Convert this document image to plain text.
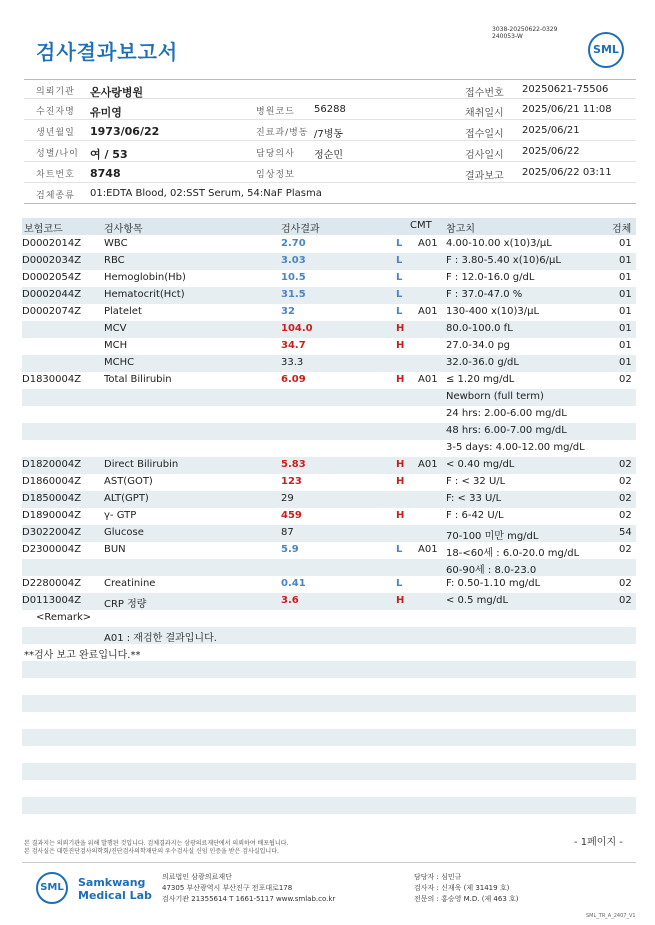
검사결과보고서
3038-20250622-0329
240053-W
SML
의뢰기관 온사랑병원	접수번호 20250621-75506
수진자명 유미영	병원코드 56288	채취일시 2025/06/21 11:08
생년월일 1973/06/22	진료과/병동 /7병동	접수일시 2025/06/21
성별/나이 여 / 53	담당의사 정순민	검사일시 2025/06/22
차트번호 8748	임상정보	결과보고 2025/06/22 03:11
검체종류 01:EDTA Blood, 02:SST Serum, 54:NaF Plasma
보험코드	검사항목	검사결과	CMT 참고치	검체
D0002014Z WBC	2.70	L A01 4.00-10.00 x(10)3/μL	01
D0002034Z RBC	3.03	L	F : 3.80-5.40 x(10)6/μL	01
D0002054Z Hemoglobin(Hb)	10.5	L	F : 12.0-16.0 g/dL	01
D0002044Z Hematocrit(Hct)	31.5	L	F : 37.0-47.0 %	01
D0002074Z Platelet	32	L A01 130-400 x(10)3/μL	01
MCV	104.0	H	80.0-100.0 fL	01
MCH	34.7	H	27.0-34.0 pg	01
MCHC	33.3	32.0-36.0 g/dL	01
D1830004Z Total Bilirubin	6.09	H A01 ≤ 1.20 mg/dL	02
Newborn (full term)
24 hrs: 2.00-6.00 mg/dL
48 hrs: 6.00-7.00 mg/dL
3-5 days: 4.00-12.00 mg/dL
D1820004Z Direct Bilirubin	5.83	H A01 < 0.40 mg/dL	02
D1860004Z AST(GOT)	123	H	F : < 32 U/L	02
D1850004Z ALT(GPT)	29	F: < 33 U/L	02
D1890004Z γ- GTP	459	H	F : 6-42 U/L	02
D3022004Z Glucose	87	70-100 미만 mg/dL	54
D2300004Z BUN	5.9	L A01 18-<60세 : 6.0-20.0 mg/dL	02
60-90세 : 8.0-23.0
D2280004Z Creatinine	0.41	L	F: 0.50-1.10 mg/dL	02
D0113004Z CRP 정량	3.6	H	< 0.5 mg/dL	02
<Remark>
A01 : 재검한 결과입니다.
**검사 보고 완료입니다.**
본 결과지는 의뢰기관을 위해 발행된 것입니다. 검체결과지는 삼광의료재단에서 의뢰하여 배포됩니다.
본 검사실은 대한진단검사의학회/진단검사의학재단의 우수검사실 신임 인증을 받은 검사실입니다.
- 1페이지 -
SML	Samkwang
Medical Lab
의료법인 삼광의료재단
47305 부산광역시 부산진구 전포대로178
검사기관 21355614 T 1661-5117 www.smlab.co.kr
담당자 : 심민규
검사자 : 신재욱 (제 31419 호)
전문의 : 홍승영 M.D. (제 463 호)
SML_TR_A_2407_V1
